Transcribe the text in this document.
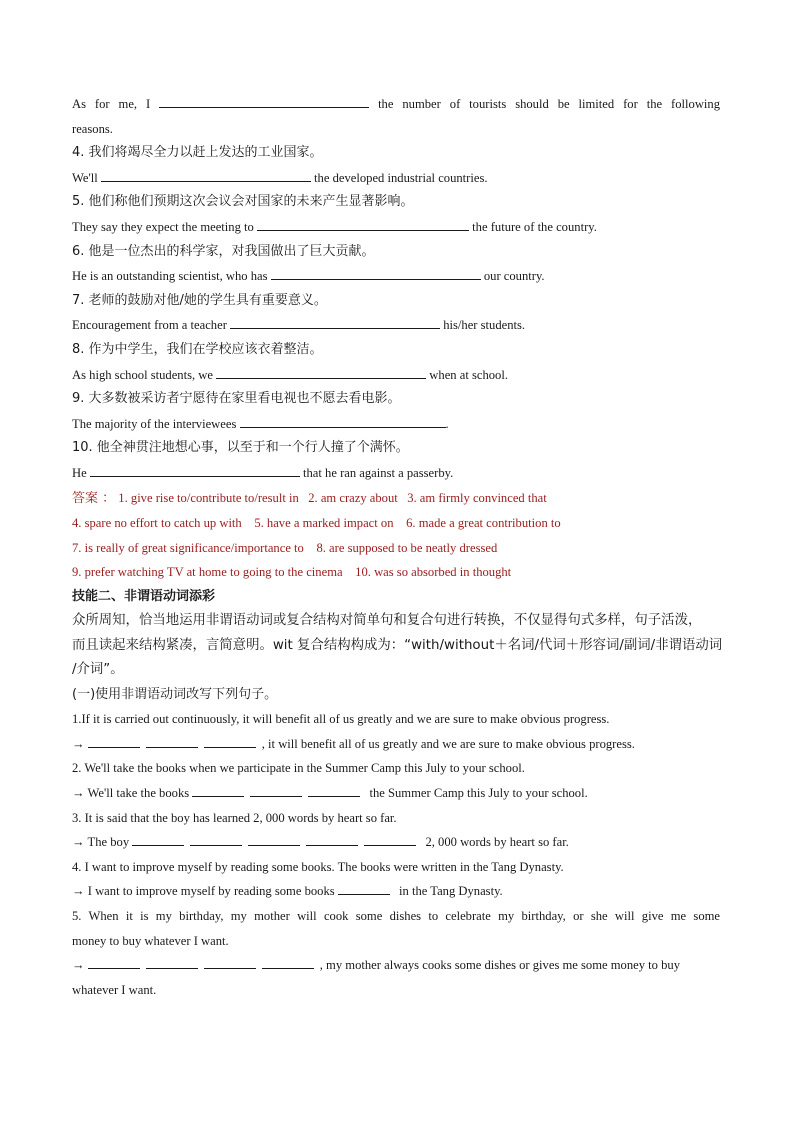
As for me, I	the number of tourists should be limited for the following
reasons.
4. 我们将竭尽全力以赶上发达的工业国家。
We'll	the developed industrial countries.
5. 他们称他们预期这次会议会对国家的未来产生显著影响。
They say they expect the meeting to	the future of the country.
6. 他是一位杰出的科学家，对我国做出了巨大贡献。
He is an outstanding scientist, who has	our country.
7. 老师的鼓励对他/她的学生具有重要意义。
Encouragement from a teacher	his/her students.
8. 作为中学生，我们在学校应该衣着整洁。
As high school students, we	when at school.
9. 大多数被采访者宁愿待在家里看电视也不愿去看电影。
The majority of the interviewees	.
10. 他全神贯注地想心事，以至于和一个行人撞了个满怀。
He	that he ran against a passerby.
答案 ： 1. give rise to/contribute to/result in 2. am crazy about 3. am firmly convinced that
4. spare no effort to catch up with 5. have a marked impact on 6. made a great contribution to
7. is really of great significance/importance to 8. are supposed to be neatly dressed
9. prefer watching TV at home to going to the cinema 10. was so absorbed in thought
技能二、非谓语动词添彩
众所周知，恰当地运用非谓语动词或复合结构对简单句和复合句进行转换，不仅显得句式多样，句子活泼，
而且读起来结构紧凑，言简意明。wit 复合结构构成为：“with/without＋名词/代词＋形容词/副词/非谓语动词
/介词”。
(一)使用非谓语动词改写下列句子。
1.If it is carried out continuously, it will benefit all of us greatly and we are sure to make obvious progress.
→	, it will benefit all of us greatly and we are sure to make obvious progress.
2. We'll take the books when we participate in the Summer Camp this July to your school.
→ We'll take the books	the Summer Camp this July to your school.
3. It is said that the boy has learned 2, 000 words by heart so far.
→ The boy	2, 000 words by heart so far.
4. I want to improve myself by reading some books. The books were written in the Tang Dynasty.
→ I want to improve myself by reading some books	in the Tang Dynasty.
5. When it is my birthday, my mother will cook some dishes to celebrate my birthday, or she will give me some
money to buy whatever I want.
→	, my mother always cooks some dishes or gives me some money to buy
whatever I want.
